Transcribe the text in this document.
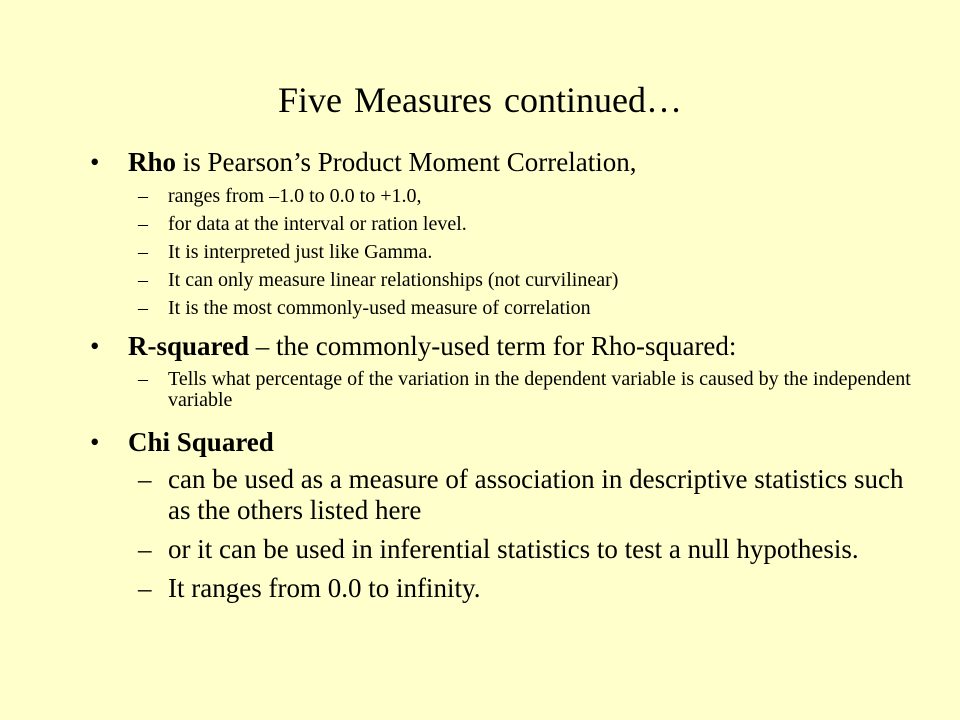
Five Measures continued…
• Rho is Pearson’s Product Moment Correlation,
– ranges from –1.0 to 0.0 to +1.0,
– for data at the interval or ration level.
– It is interpreted just like Gamma.
– It can only measure linear relationships (not curvilinear)
– It is the most commonly-used measure of correlation
• R-squared – the commonly-used term for Rho-squared:
– Tells what percentage of the variation in the dependent variable is caused by the independent variable
• Chi Squared
– can be used as a measure of association in descriptive statistics such as the others listed here
– or it can be used in inferential statistics to test a null hypothesis.
– It ranges from 0.0 to infinity.
